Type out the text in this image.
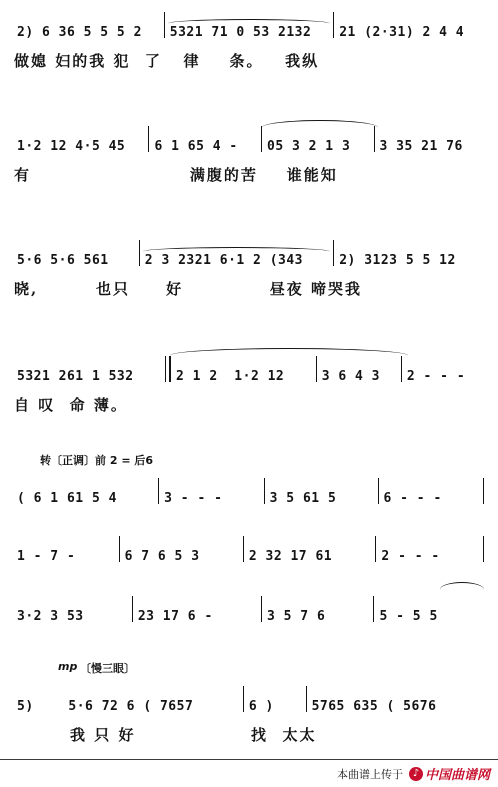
2) 6 36 5 5 5 2 5321 71 0 53 2132 21 (2·31) 2 4 4
做媳 妇的我 犯  了   律    条。   我纵
1·2 12 4·5 45 6 1 65 4 - 05 3 2 1 3 3 35 21 76
有                      满腹的苦    谁能知
5·6 5·6 561	2 3 2321 6·1 2 (343	2) 3123 5 5 12
晓,        也只     好            昼夜 啼哭我
5321 261 1 532	2 1 2  1·2 12	3 6 4 3 2 - - -
自 叹  命 薄。
转〔正调〕前 2 = 后6
( 6 1 61 5 4	3 - - -	3 5 61 5	6 - - -
1 - 7 -	6 7 6 5 3	2 32 17 61	2 - - -
3·2 3 53	23 17 6 -	3 5 7 6	5 - 5 5
mp 〔慢三眼〕
5)	5·6 72 6 ( 7657	6 )	5765 635 ( 5676
我 只 好                找  太太
本曲谱上传于 ♪ 中国曲谱网
